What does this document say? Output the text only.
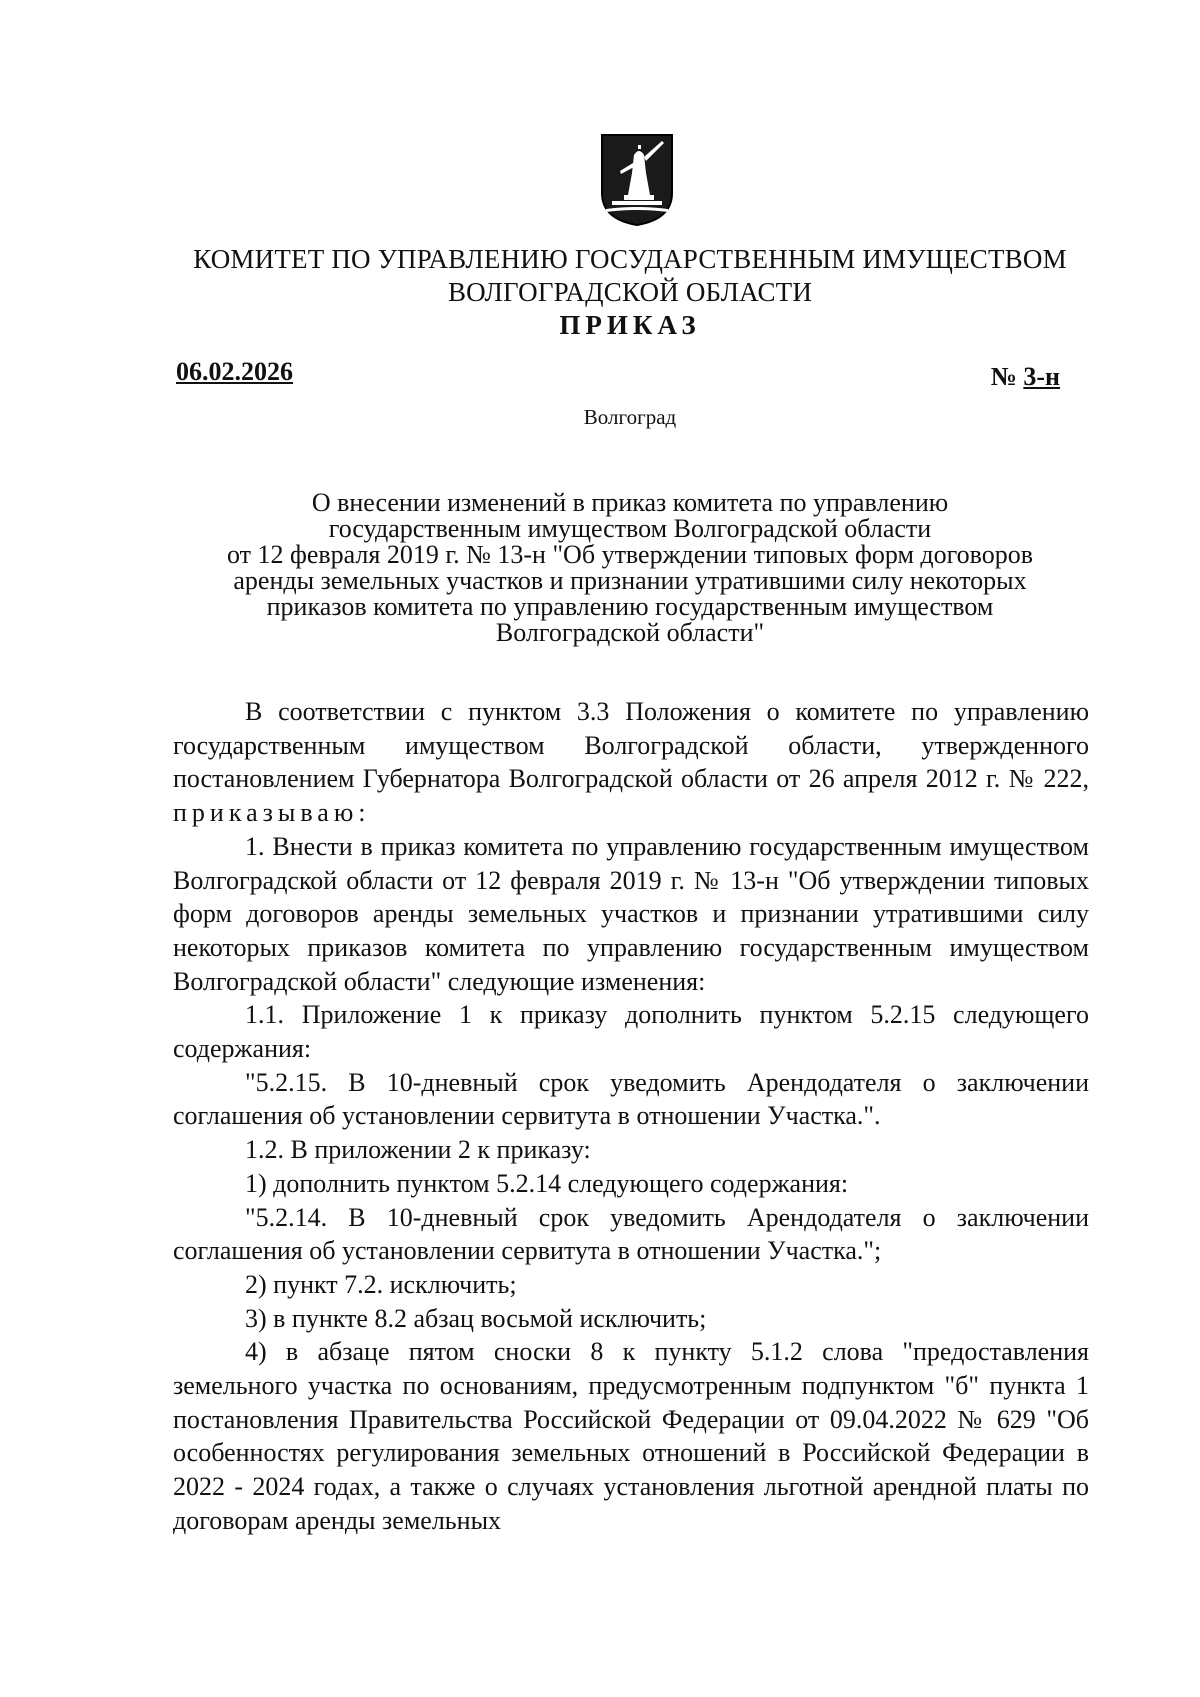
КОМИТЕТ ПО УПРАВЛЕНИЮ ГОСУДАРСТВЕННЫМ ИМУЩЕСТВОМ
ВОЛГОГРАДСКОЙ ОБЛАСТИ
ПРИКАЗ
06.02.2026	№ 3-н
Волгоград
О внесении изменений в приказ комитета по управлению
государственным имуществом Волгоградской области
от 12 февраля 2019 г. № 13-н "Об утверждении типовых форм договоров
аренды земельных участков и признании утратившими силу некоторых
приказов комитета по управлению государственным имуществом
Волгоградской области"

В соответствии с пунктом 3.3 Положения о комитете по управлению государственным имуществом Волгоградской области, утвержденного постановлением Губернатора Волгоградской области от 26 апреля 2012 г. № 222, приказываю:

1. Внести в приказ комитета по управлению государственным имуществом Волгоградской области от 12 февраля 2019 г. № 13-н "Об утверждении типовых форм договоров аренды земельных участков и признании утратившими силу некоторых приказов комитета по управлению государственным имуществом Волгоградской области" следующие изменения:

1.1. Приложение 1 к приказу дополнить пунктом 5.2.15 следующего содержания:

"5.2.15. В 10-дневный срок уведомить Арендодателя о заключении соглашения об установлении сервитута в отношении Участка.".

1.2. В приложении 2 к приказу:

1) дополнить пунктом 5.2.14 следующего содержания:

"5.2.14. В 10-дневный срок уведомить Арендодателя о заключении соглашения об установлении сервитута в отношении Участка.";

2) пункт 7.2. исключить;

3) в пункте 8.2 абзац восьмой исключить;

4) в абзаце пятом сноски 8 к пункту 5.1.2 слова "предоставления земельного участка по основаниям, предусмотренным подпунктом "б" пункта 1 постановления Правительства Российской Федерации от 09.04.2022 № 629 "Об особенностях регулирования земельных отношений в Российской Федерации в 2022 - 2024 годах, а также о случаях установления льготной арендной платы по договорам аренды земельных
